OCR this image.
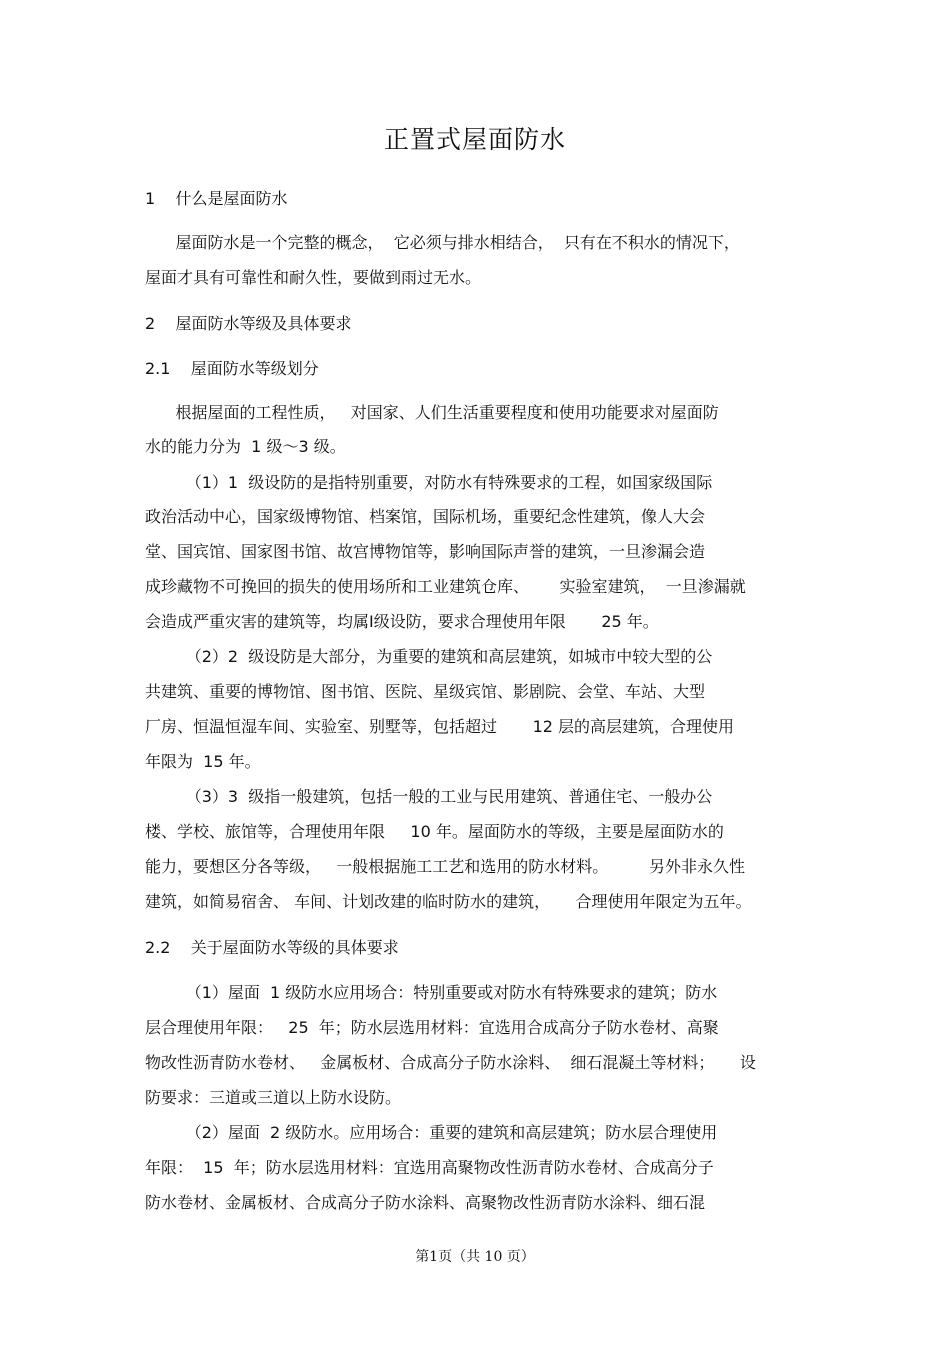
正置式屋面防水
1    什么是屋面防水
屋面防水是一个完整的概念，  它必须与排水相结合，  只有在不积水的情况下，
屋面才具有可靠性和耐久性，要做到雨过无水。
2    屋面防水等级及具体要求
2.1    屋面防水等级划分
根据屋面的工程性质，   对国家、人们生活重要程度和使用功能要求对屋面防
水的能力分为  1 级～3 级。
（1）1  级设防的是指特别重要，对防水有特殊要求的工程，如国家级国际
政治活动中心，国家级博物馆、档案馆，国际机场，重要纪念性建筑，像人大会
堂、国宾馆、国家图书馆、故宫博物馆等，影响国际声誉的建筑，一旦渗漏会造
成珍藏物不可挽回的损失的使用场所和工业建筑仓库、      实验室建筑，  一旦渗漏就
会造成严重灾害的建筑等，均属Ⅰ级设防，要求合理使用年限       25 年。
（2）2  级设防是大部分，为重要的建筑和高层建筑，如城市中较大型的公
共建筑、重要的博物馆、图书馆、医院、星级宾馆、影剧院、会堂、车站、大型
厂房、恒温恒湿车间、实验室、别墅等，包括超过       12 层的高层建筑，合理使用
年限为  15 年。
（3）3  级指一般建筑，包括一般的工业与民用建筑、普通住宅、一般办公
楼、学校、旅馆等，合理使用年限     10 年。屋面防水的等级，主要是屋面防水的
能力，要想区分各等级，   一般根据施工工艺和选用的防水材料。        另外非永久性
建筑，如简易宿舍、 车间、计划改建的临时防水的建筑，     合理使用年限定为五年。
2.2    关于屋面防水等级的具体要求
（1）屋面  1 级防水应用场合：特别重要或对防水有特殊要求的建筑；防水
层合理使用年限：   25  年；防水层选用材料：宜选用合成高分子防水卷材、高聚
物改性沥青防水卷材、   金属板材、合成高分子防水涂料、  细石混凝土等材料；     设
防要求：三道或三道以上防水设防。
（2）屋面  2 级防水。应用场合：重要的建筑和高层建筑；防水层合理使用
年限：  15  年；防水层选用材料：宜选用高聚物改性沥青防水卷材、合成高分子
防水卷材、金属板材、合成高分子防水涂料、高聚物改性沥青防水涂料、细石混
第1页（共 10 页）
